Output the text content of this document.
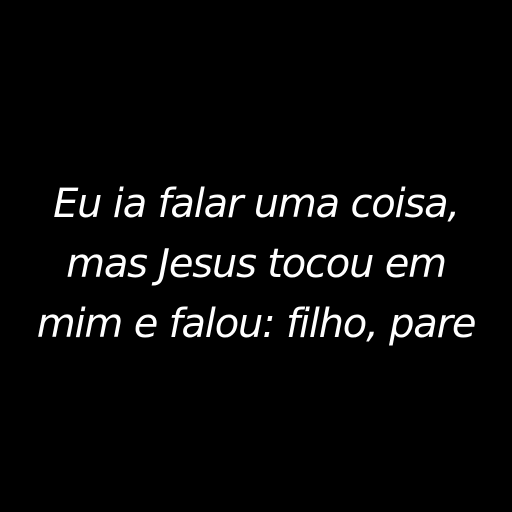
Eu ia falar uma coisa,
mas Jesus tocou em
mim e falou: filho, pare
